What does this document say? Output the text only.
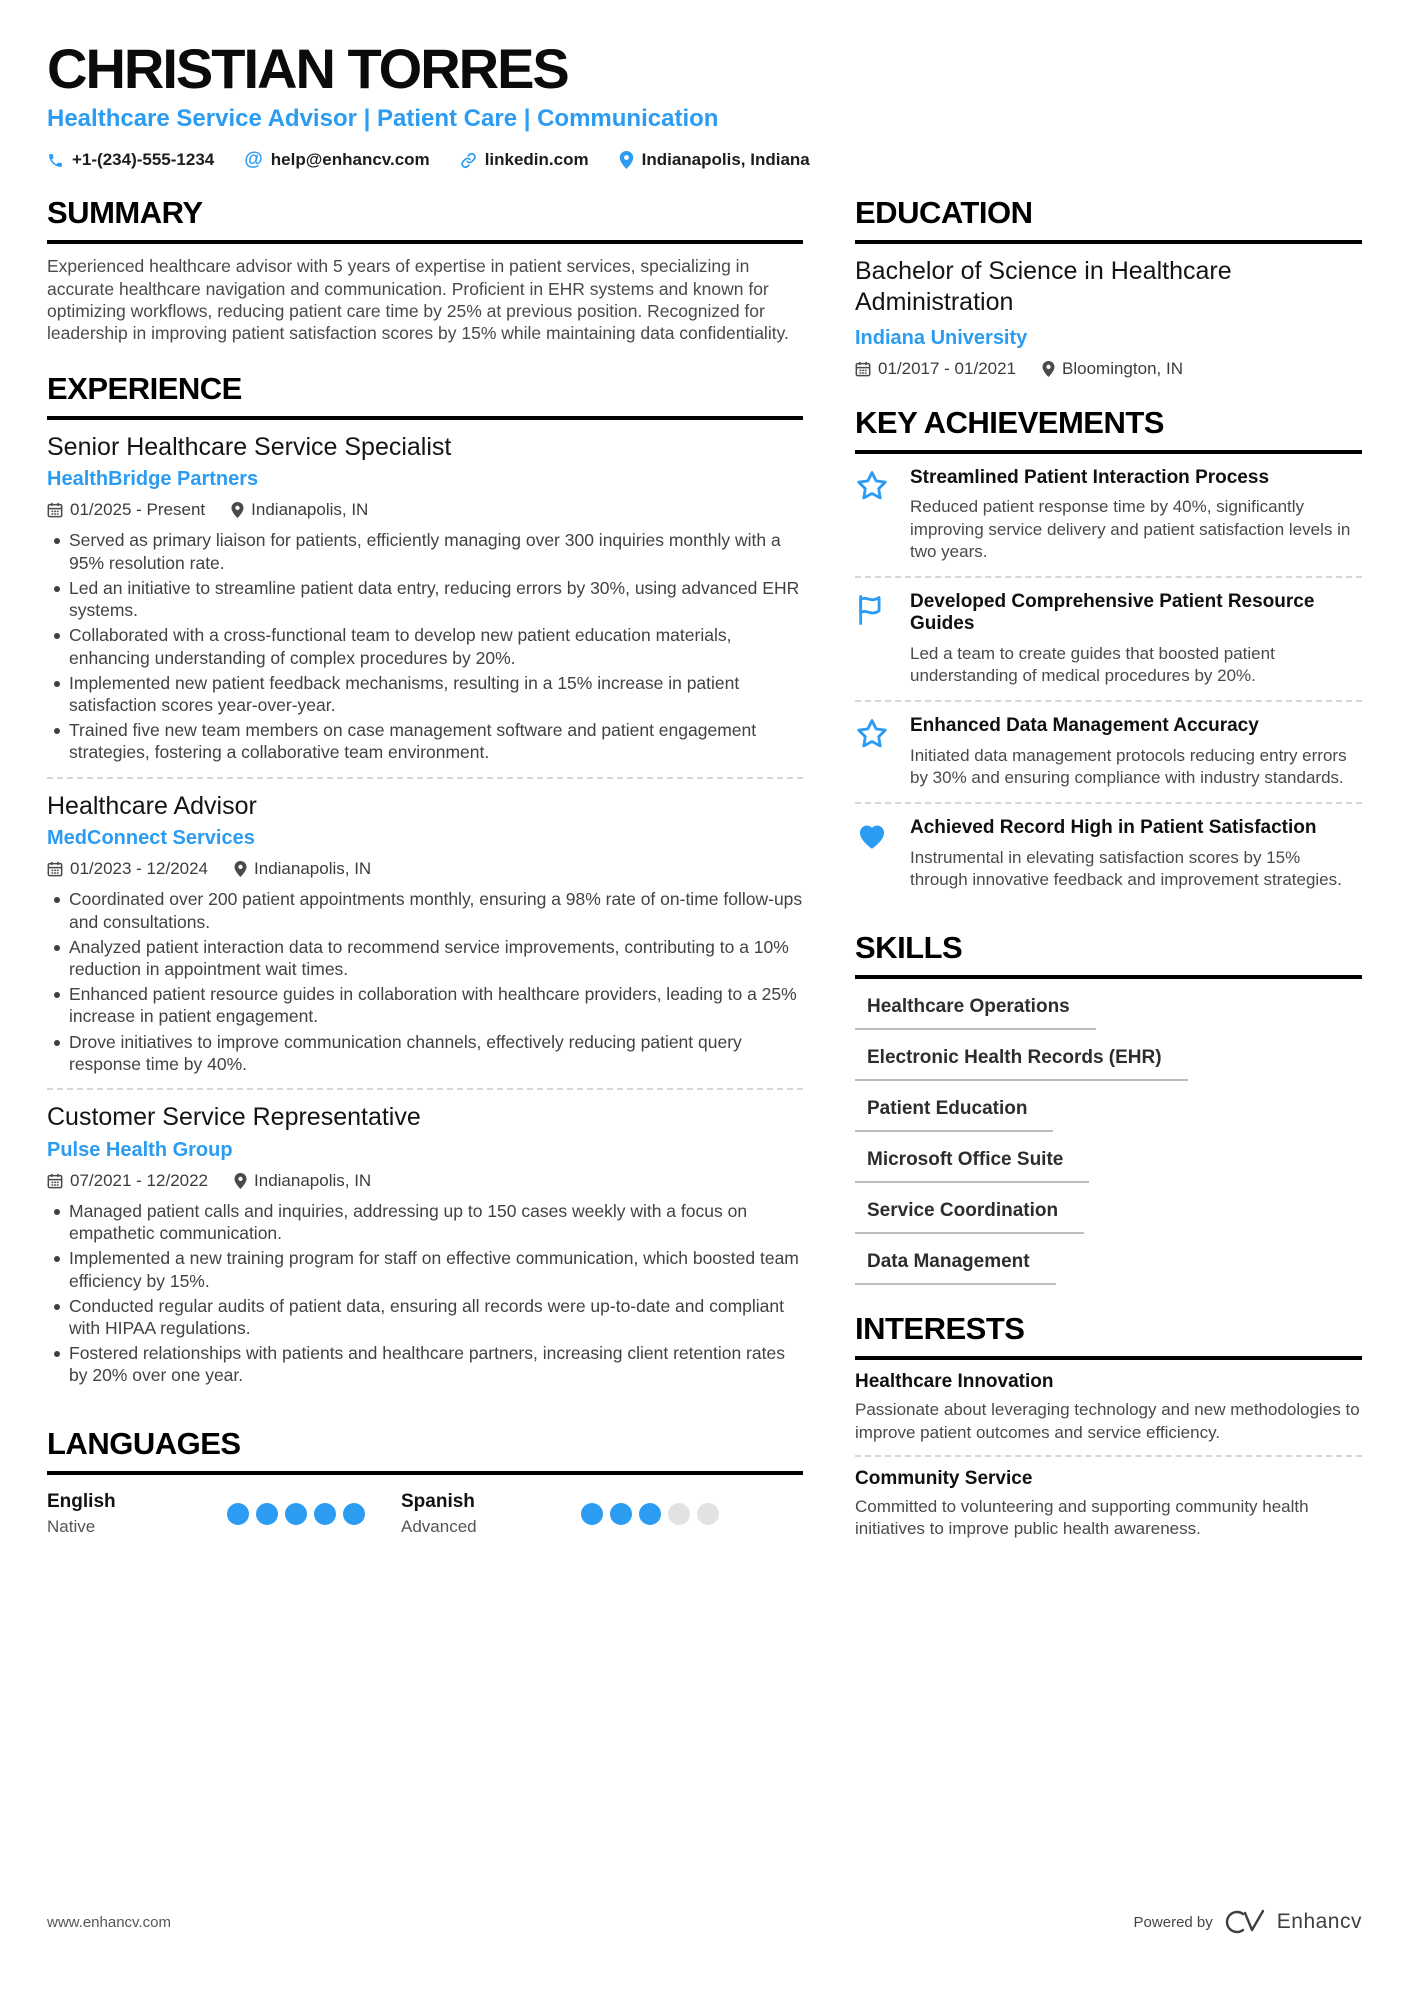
CHRISTIAN TORRES
Healthcare Service Advisor | Patient Care | Communication
+1-(234)-555-1234 @ help@enhancv.com	linkedin.com	Indianapolis, Indiana
SUMMARY
Experienced healthcare advisor with 5 years of expertise in patient services, specializing in accurate healthcare navigation and communication. Proficient in EHR systems and known for optimizing workflows, reducing patient care time by 25% at previous position. Recognized for leadership in improving patient satisfaction scores by 15% while maintaining data confidentiality.
EXPERIENCE
Senior Healthcare Service Specialist
HealthBridge Partners
01/2025 - Present	Indianapolis, IN
Served as primary liaison for patients, efficiently managing over 300 inquiries monthly with a 95% resolution rate.
Led an initiative to streamline patient data entry, reducing errors by 30%, using advanced EHR systems.
Collaborated with a cross-functional team to develop new patient education materials, enhancing understanding of complex procedures by 20%.
Implemented new patient feedback mechanisms, resulting in a 15% increase in patient satisfaction scores year-over-year.
Trained five new team members on case management software and patient engagement strategies, fostering a collaborative team environment.
Healthcare Advisor
MedConnect Services
01/2023 - 12/2024	Indianapolis, IN
Coordinated over 200 patient appointments monthly, ensuring a 98% rate of on-time follow-ups and consultations.
Analyzed patient interaction data to recommend service improvements, contributing to a 10% reduction in appointment wait times.
Enhanced patient resource guides in collaboration with healthcare providers, leading to a 25% increase in patient engagement.
Drove initiatives to improve communication channels, effectively reducing patient query response time by 40%.
Customer Service Representative
Pulse Health Group
07/2021 - 12/2022	Indianapolis, IN
Managed patient calls and inquiries, addressing up to 150 cases weekly with a focus on empathetic communication.
Implemented a new training program for staff on effective communication, which boosted team efficiency by 15%.
Conducted regular audits of patient data, ensuring all records were up-to-date and compliant with HIPAA regulations.
Fostered relationships with patients and healthcare partners, increasing client retention rates by 20% over one year.
LANGUAGES
English
Native
Spanish
Advanced
EDUCATION
Bachelor of Science in Healthcare Administration
Indiana University
01/2017 - 01/2021	Bloomington, IN
KEY ACHIEVEMENTS
Streamlined Patient Interaction Process
Reduced patient response time by 40%, significantly improving service delivery and patient satisfaction levels in two years.
Developed Comprehensive Patient Resource Guides
Led a team to create guides that boosted patient understanding of medical procedures by 20%.
Enhanced Data Management Accuracy
Initiated data management protocols reducing entry errors by 30% and ensuring compliance with industry standards.
Achieved Record High in Patient Satisfaction
Instrumental in elevating satisfaction scores by 15% through innovative feedback and improvement strategies.
SKILLS
Healthcare Operations
Electronic Health Records (EHR)
Patient Education
Microsoft Office Suite
Service Coordination
Data Management
INTERESTS
Healthcare Innovation
Passionate about leveraging technology and new methodologies to improve patient outcomes and service efficiency.
Community Service
Committed to volunteering and supporting community health initiatives to improve public health awareness.
www.enhancv.com	Powered by	Enhancv
